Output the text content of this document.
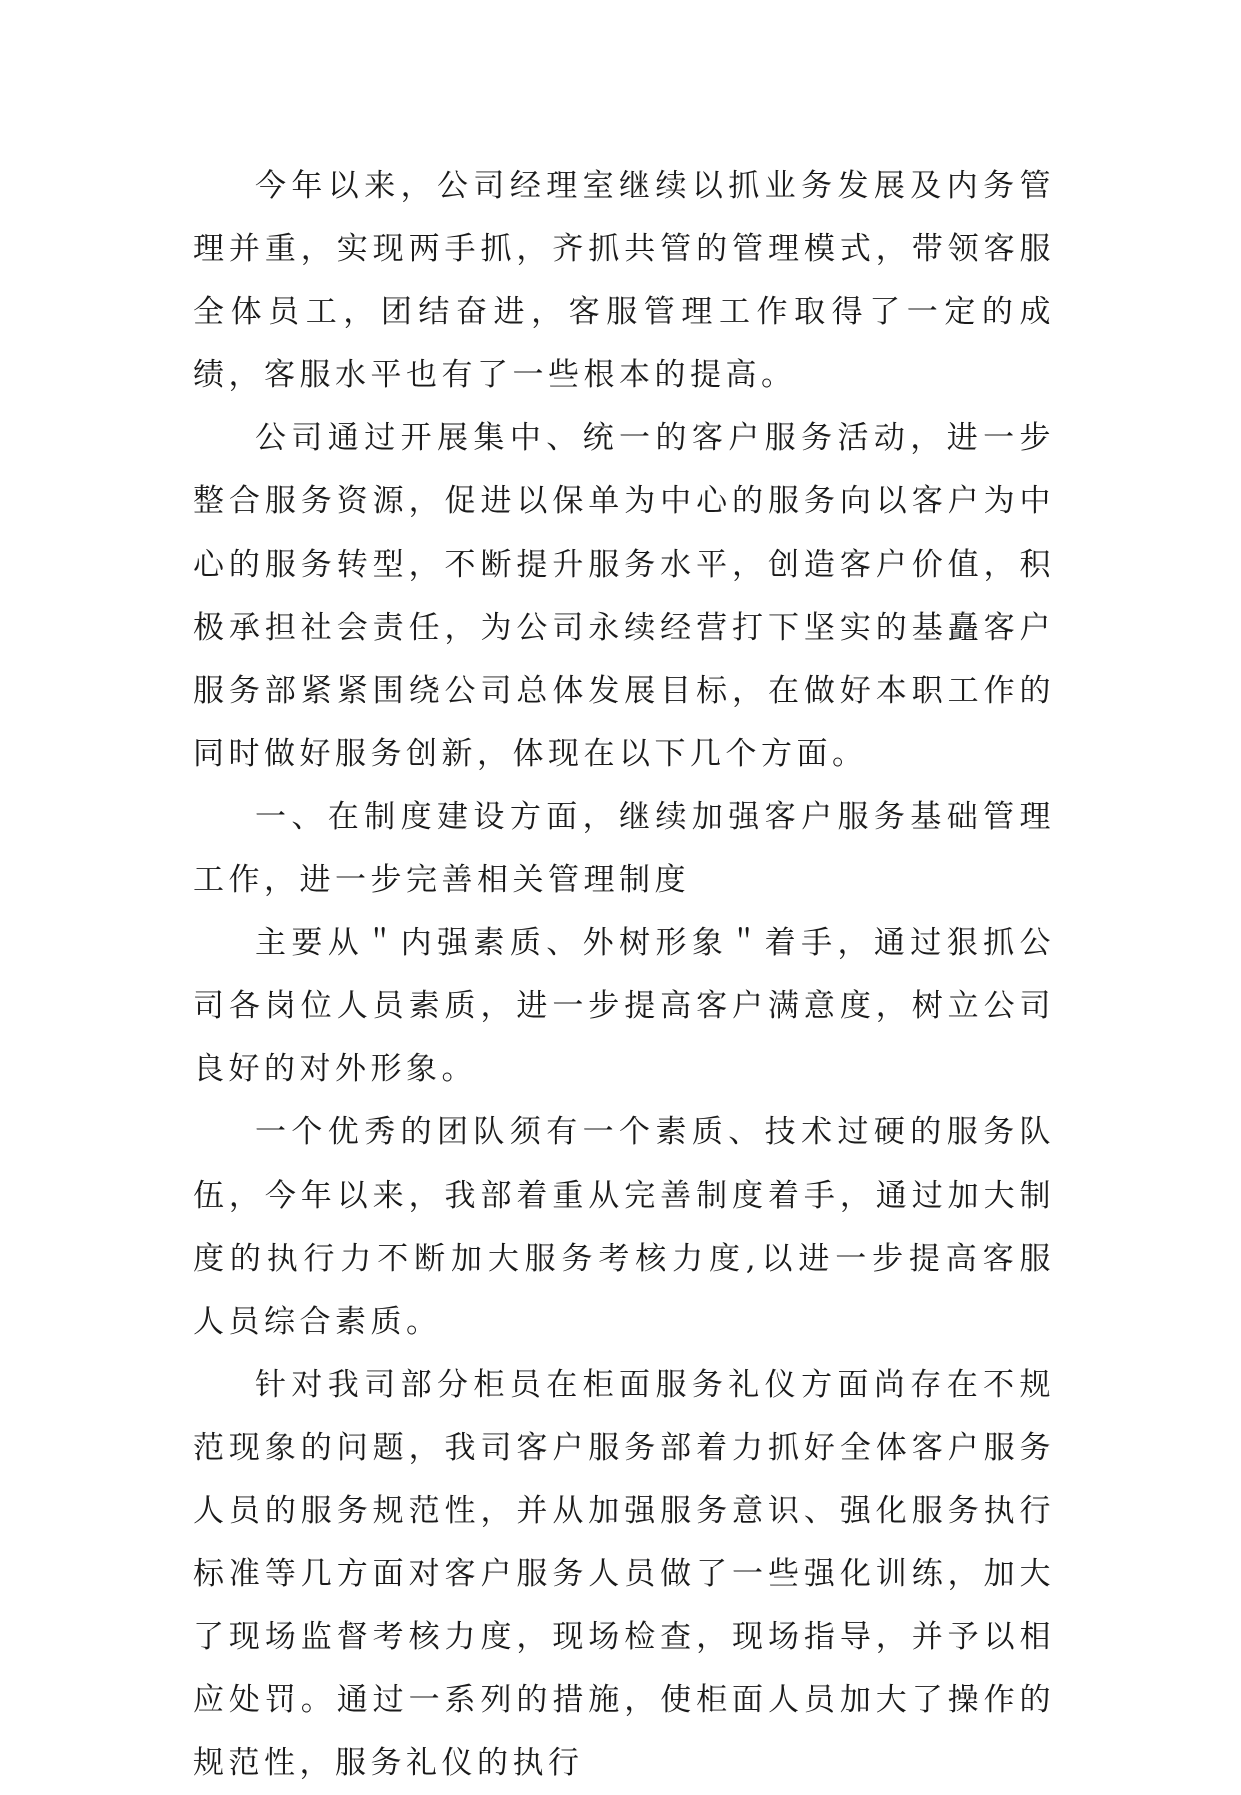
今年以来，公司经理室继续以抓业务发展及内务管理并重，实现两手抓，齐抓共管的管理模式，带领客服全体员工，团结奋进，客服管理工作取得了一定的成绩，客服水平也有了一些根本的提高。

公司通过开展集中、统一的客户服务活动，进一步整合服务资源，促进以保单为中心的服务向以客户为中心的服务转型，不断提升服务水平，创造客户价值，积极承担社会责任，为公司永续经营打下坚实的基矗客户服务部紧紧围绕公司总体发展目标，在做好本职工作的同时做好服务创新，体现在以下几个方面。

一、在制度建设方面，继续加强客户服务基础管理工作，进一步完善相关管理制度

主要从＂内强素质、外树形象＂着手，通过狠抓公司各岗位人员素质，进一步提高客户满意度，树立公司良好的对外形象。

一个优秀的团队须有一个素质、技术过硬的服务队伍，今年以来，我部着重从完善制度着手，通过加大制度的执行力不断加大服务考核力度,以进一步提高客服人员综合素质。

针对我司部分柜员在柜面服务礼仪方面尚存在不规范现象的问题，我司客户服务部着力抓好全体客户服务人员的服务规范性，并从加强服务意识、强化服务执行标准等几方面对客户服务人员做了一些强化训练，加大了现场监督考核力度，现场检查，现场指导，并予以相应处罚。通过一系列的措施，使柜面人员加大了操作的规范性，服务礼仪的执行
